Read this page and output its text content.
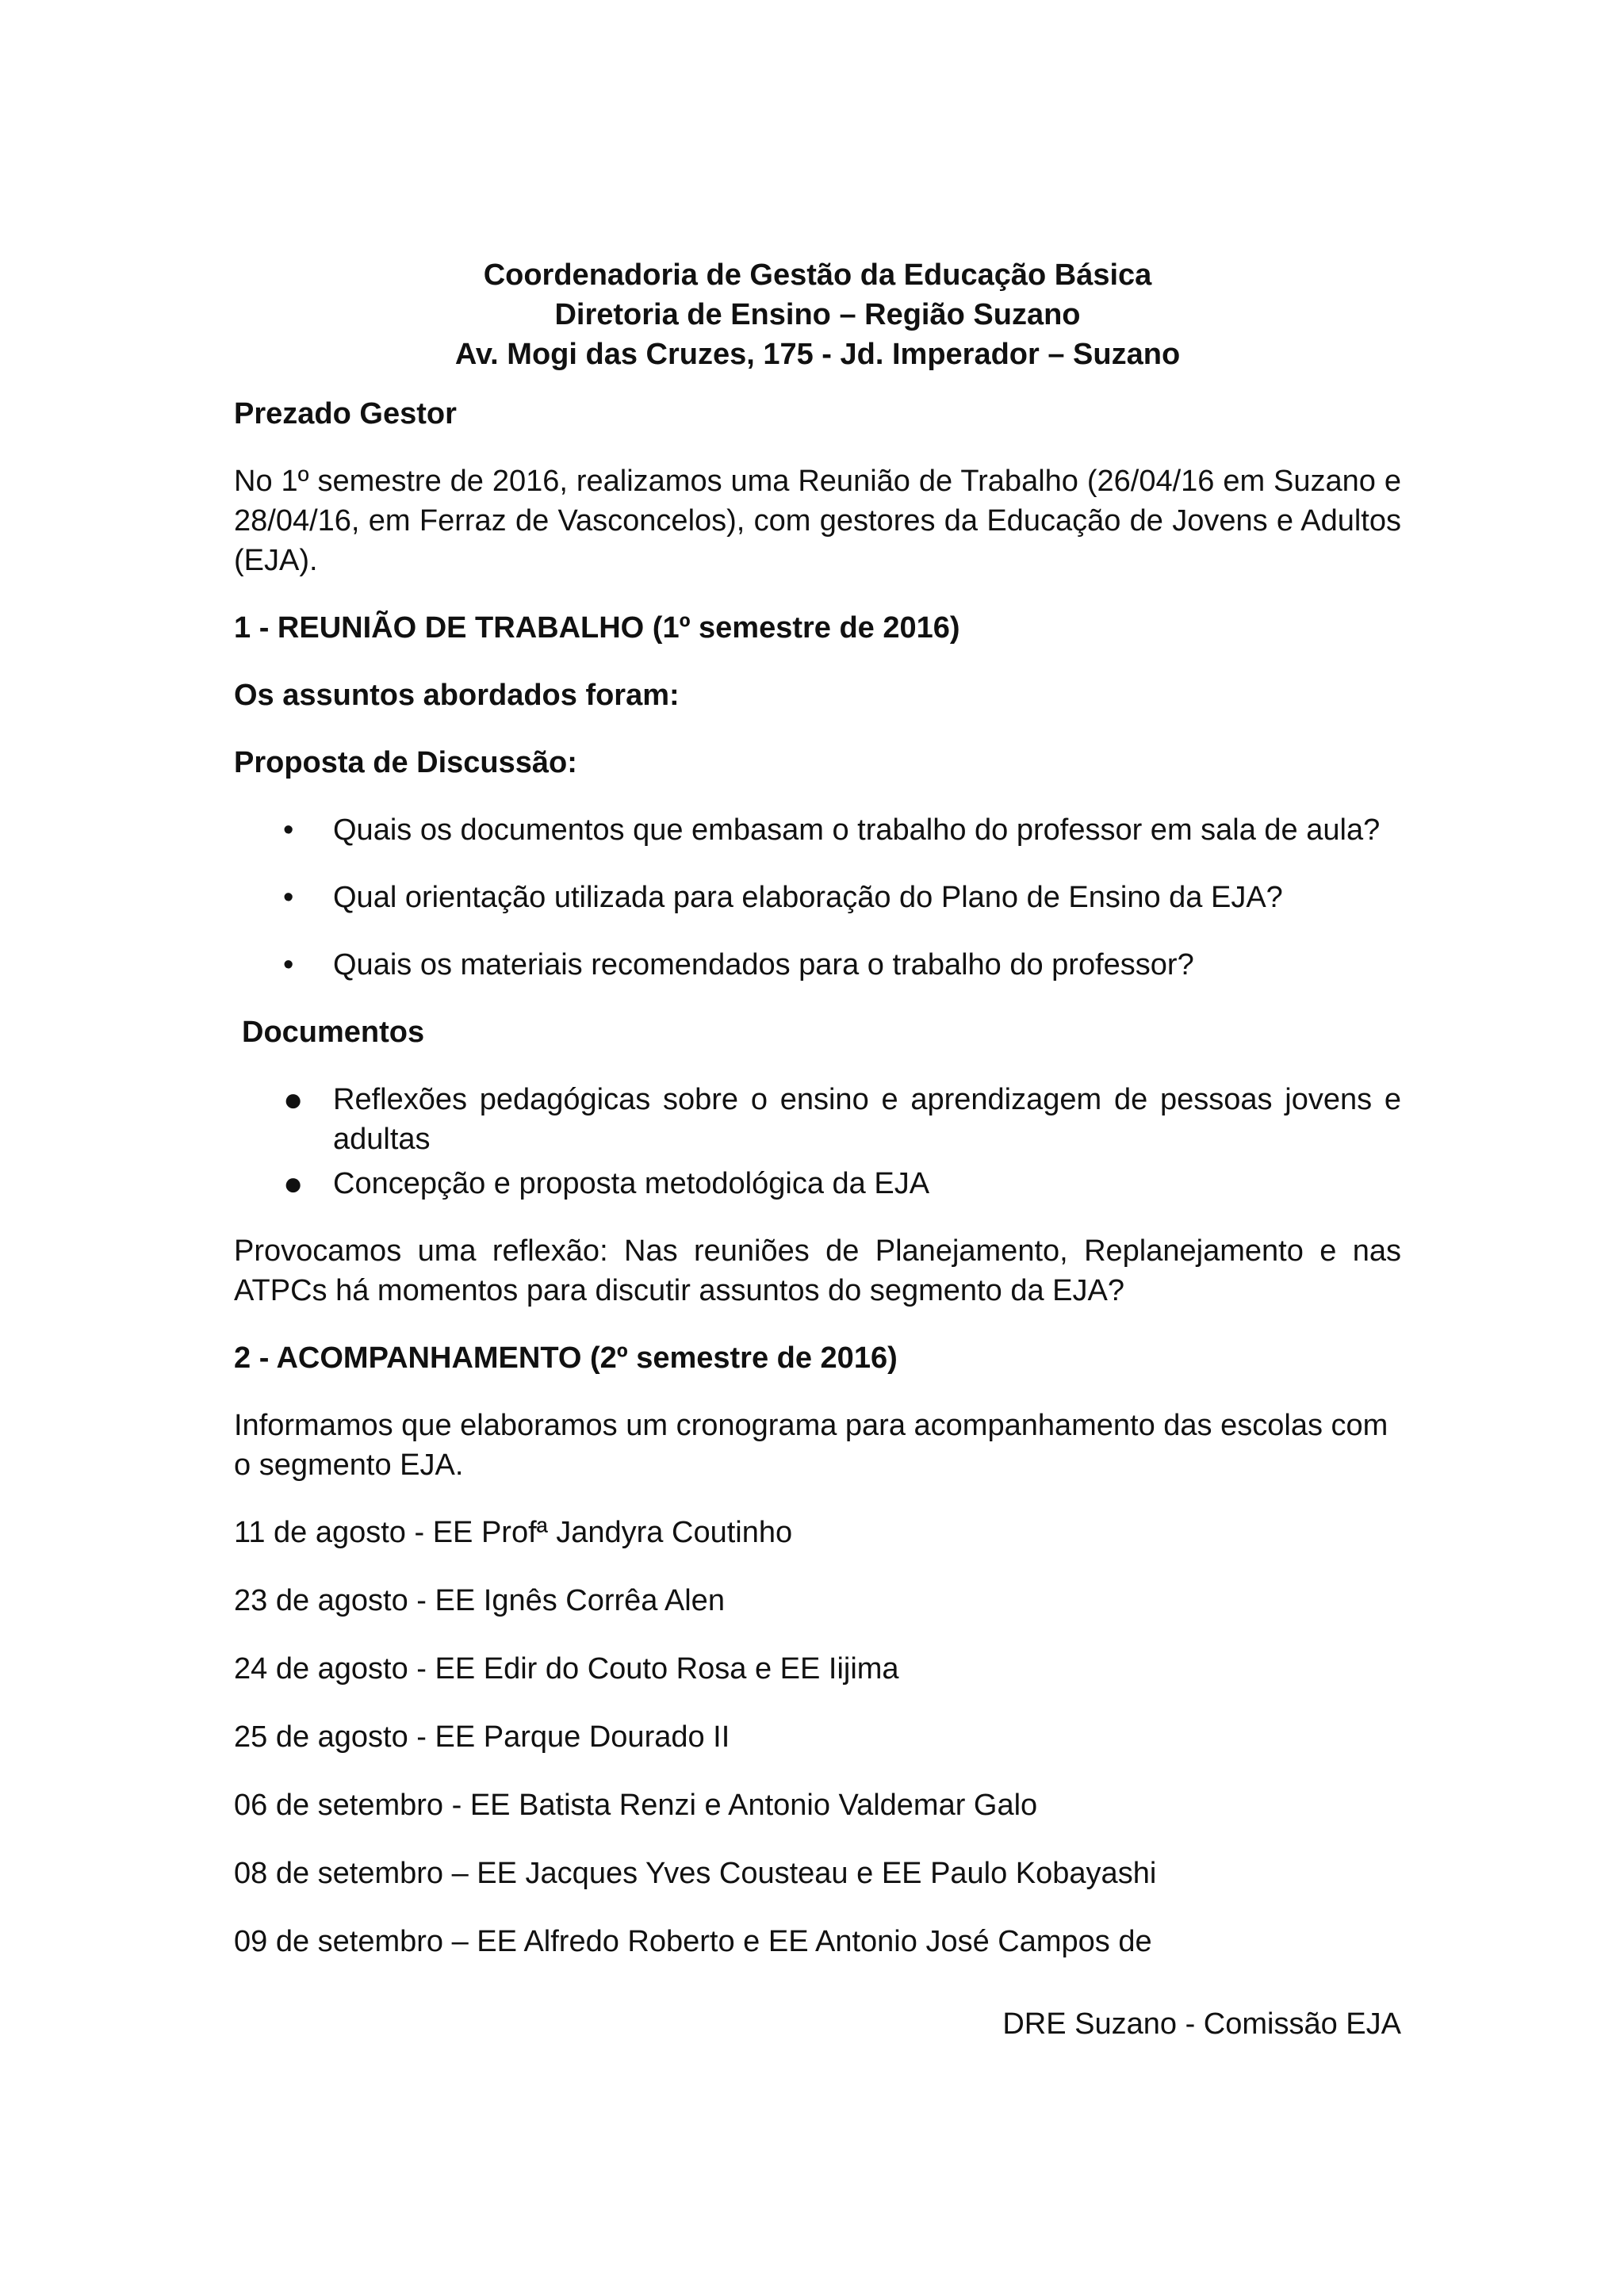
Coordenadoria de Gestão da Educação Básica
Diretoria de Ensino – Região Suzano
Av. Mogi das Cruzes, 175 - Jd. Imperador – Suzano

Prezado Gestor

No 1º semestre de 2016, realizamos uma Reunião de Trabalho (26/04/16 em Suzano e 28/04/16, em Ferraz de Vasconcelos), com gestores da Educação de Jovens e Adultos (EJA).

1 - REUNIÃO DE TRABALHO (1º semestre de 2016)

Os assuntos abordados foram:

Proposta de Discussão:

• Quais os documentos que embasam o trabalho do professor em sala de aula?
• Qual orientação utilizada para elaboração do Plano de Ensino da EJA?
• Quais os materiais recomendados para o trabalho do professor?

Documentos

● Reflexões pedagógicas sobre o ensino e aprendizagem de pessoas jovens e adultas
● Concepção e proposta metodológica da EJA

Provocamos uma reflexão: Nas reuniões de Planejamento, Replanejamento e nas ATPCs há momentos para discutir assuntos do segmento da EJA?

2 - ACOMPANHAMENTO (2º semestre de 2016)

Informamos que elaboramos um cronograma para acompanhamento das escolas com o segmento EJA.

11 de agosto - EE Profª Jandyra Coutinho

23 de agosto - EE Ignês Corrêa Alen

24 de agosto - EE Edir do Couto Rosa e EE Iijima

25 de agosto - EE Parque Dourado II

06 de setembro - EE Batista Renzi e Antonio Valdemar Galo

08 de setembro – EE Jacques Yves Cousteau e EE Paulo Kobayashi

09 de setembro – EE Alfredo Roberto e EE Antonio José Campos de

DRE Suzano - Comissão EJA
